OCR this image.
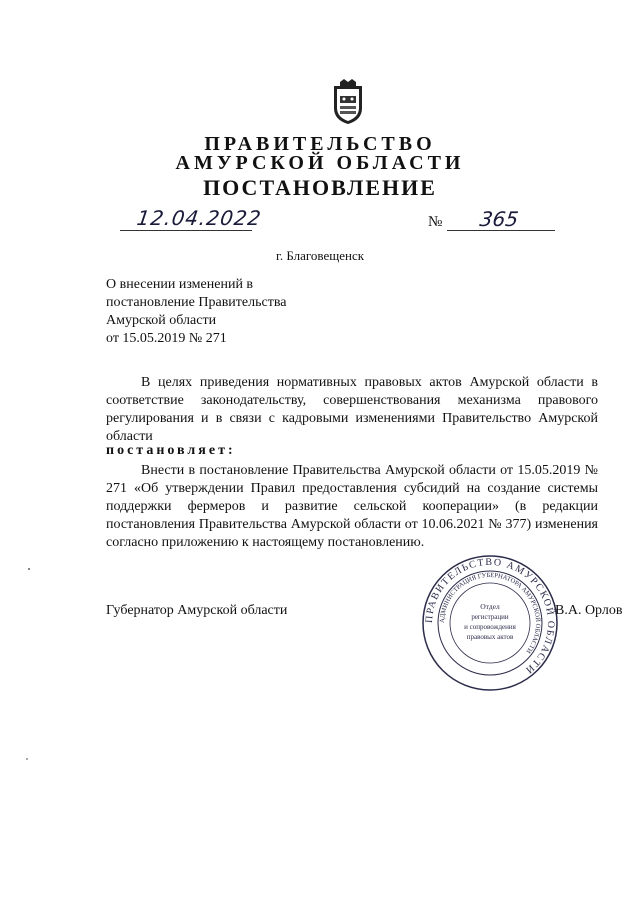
ПРАВИТЕЛЬСТВО
АМУРСКОЙ ОБЛАСТИ
ПОСТАНОВЛЕНИЕ
12.04.2022	№ 365
г. Благовещенск
О внесении изменений в
постановление Правительства
Амурской области
от 15.05.2019 № 271
В целях приведения нормативных правовых актов Амурской области в соответствие законодательству, совершенствования механизма правового регулирования и в связи с кадровыми изменениями Правительство Амурской области
постановляет:
Внести в постановление Правительства Амурской области от 15.05.2019 № 271 «Об утверждении Правил предоставления субсидий на создание системы поддержки фермеров и развитие сельской кооперации» (в редакции постановления Правительства Амурской области от 10.06.2021 № 377) изменения согласно приложению к настоящему постановлению.
Губернатор Амурской области
ПРАВИТЕЛЬСТВО АМУРСКОЙ ОБЛАСТИ
АДМИНИСТРАЦИЯ ГУБЕРНАТОРА АМУРСКОЙ ОБЛАСТИ
Отдел
регистрации
и сопровождения
правовых актов
В.А. Орлов
